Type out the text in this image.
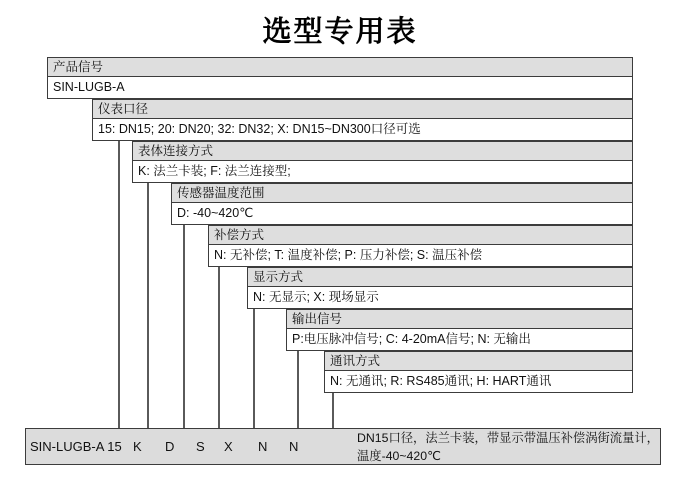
选型专用表
产品信号
SIN-LUGB-A
仪表口径
15: DN15; 20: DN20; 32: DN32; X: DN15~DN300口径可选
表体连接方式
K: 法兰卡装; F: 法兰连接型;
传感器温度范围
D: -40~420℃
补偿方式
N: 无补偿; T: 温度补偿; P: 压力补偿; S: 温压补偿
显示方式
N: 无显示; X: 现场显示
输出信号
P:电压脉冲信号; C: 4-20mA信号; N: 无输出
通讯方式
N: 无通讯; R: RS485通讯; H: HART通讯
SIN-LUGB-A 15 K D S X N N
DN15口径，法兰卡装，带显示带温压补偿涡街流量计，
温度-40~420℃
